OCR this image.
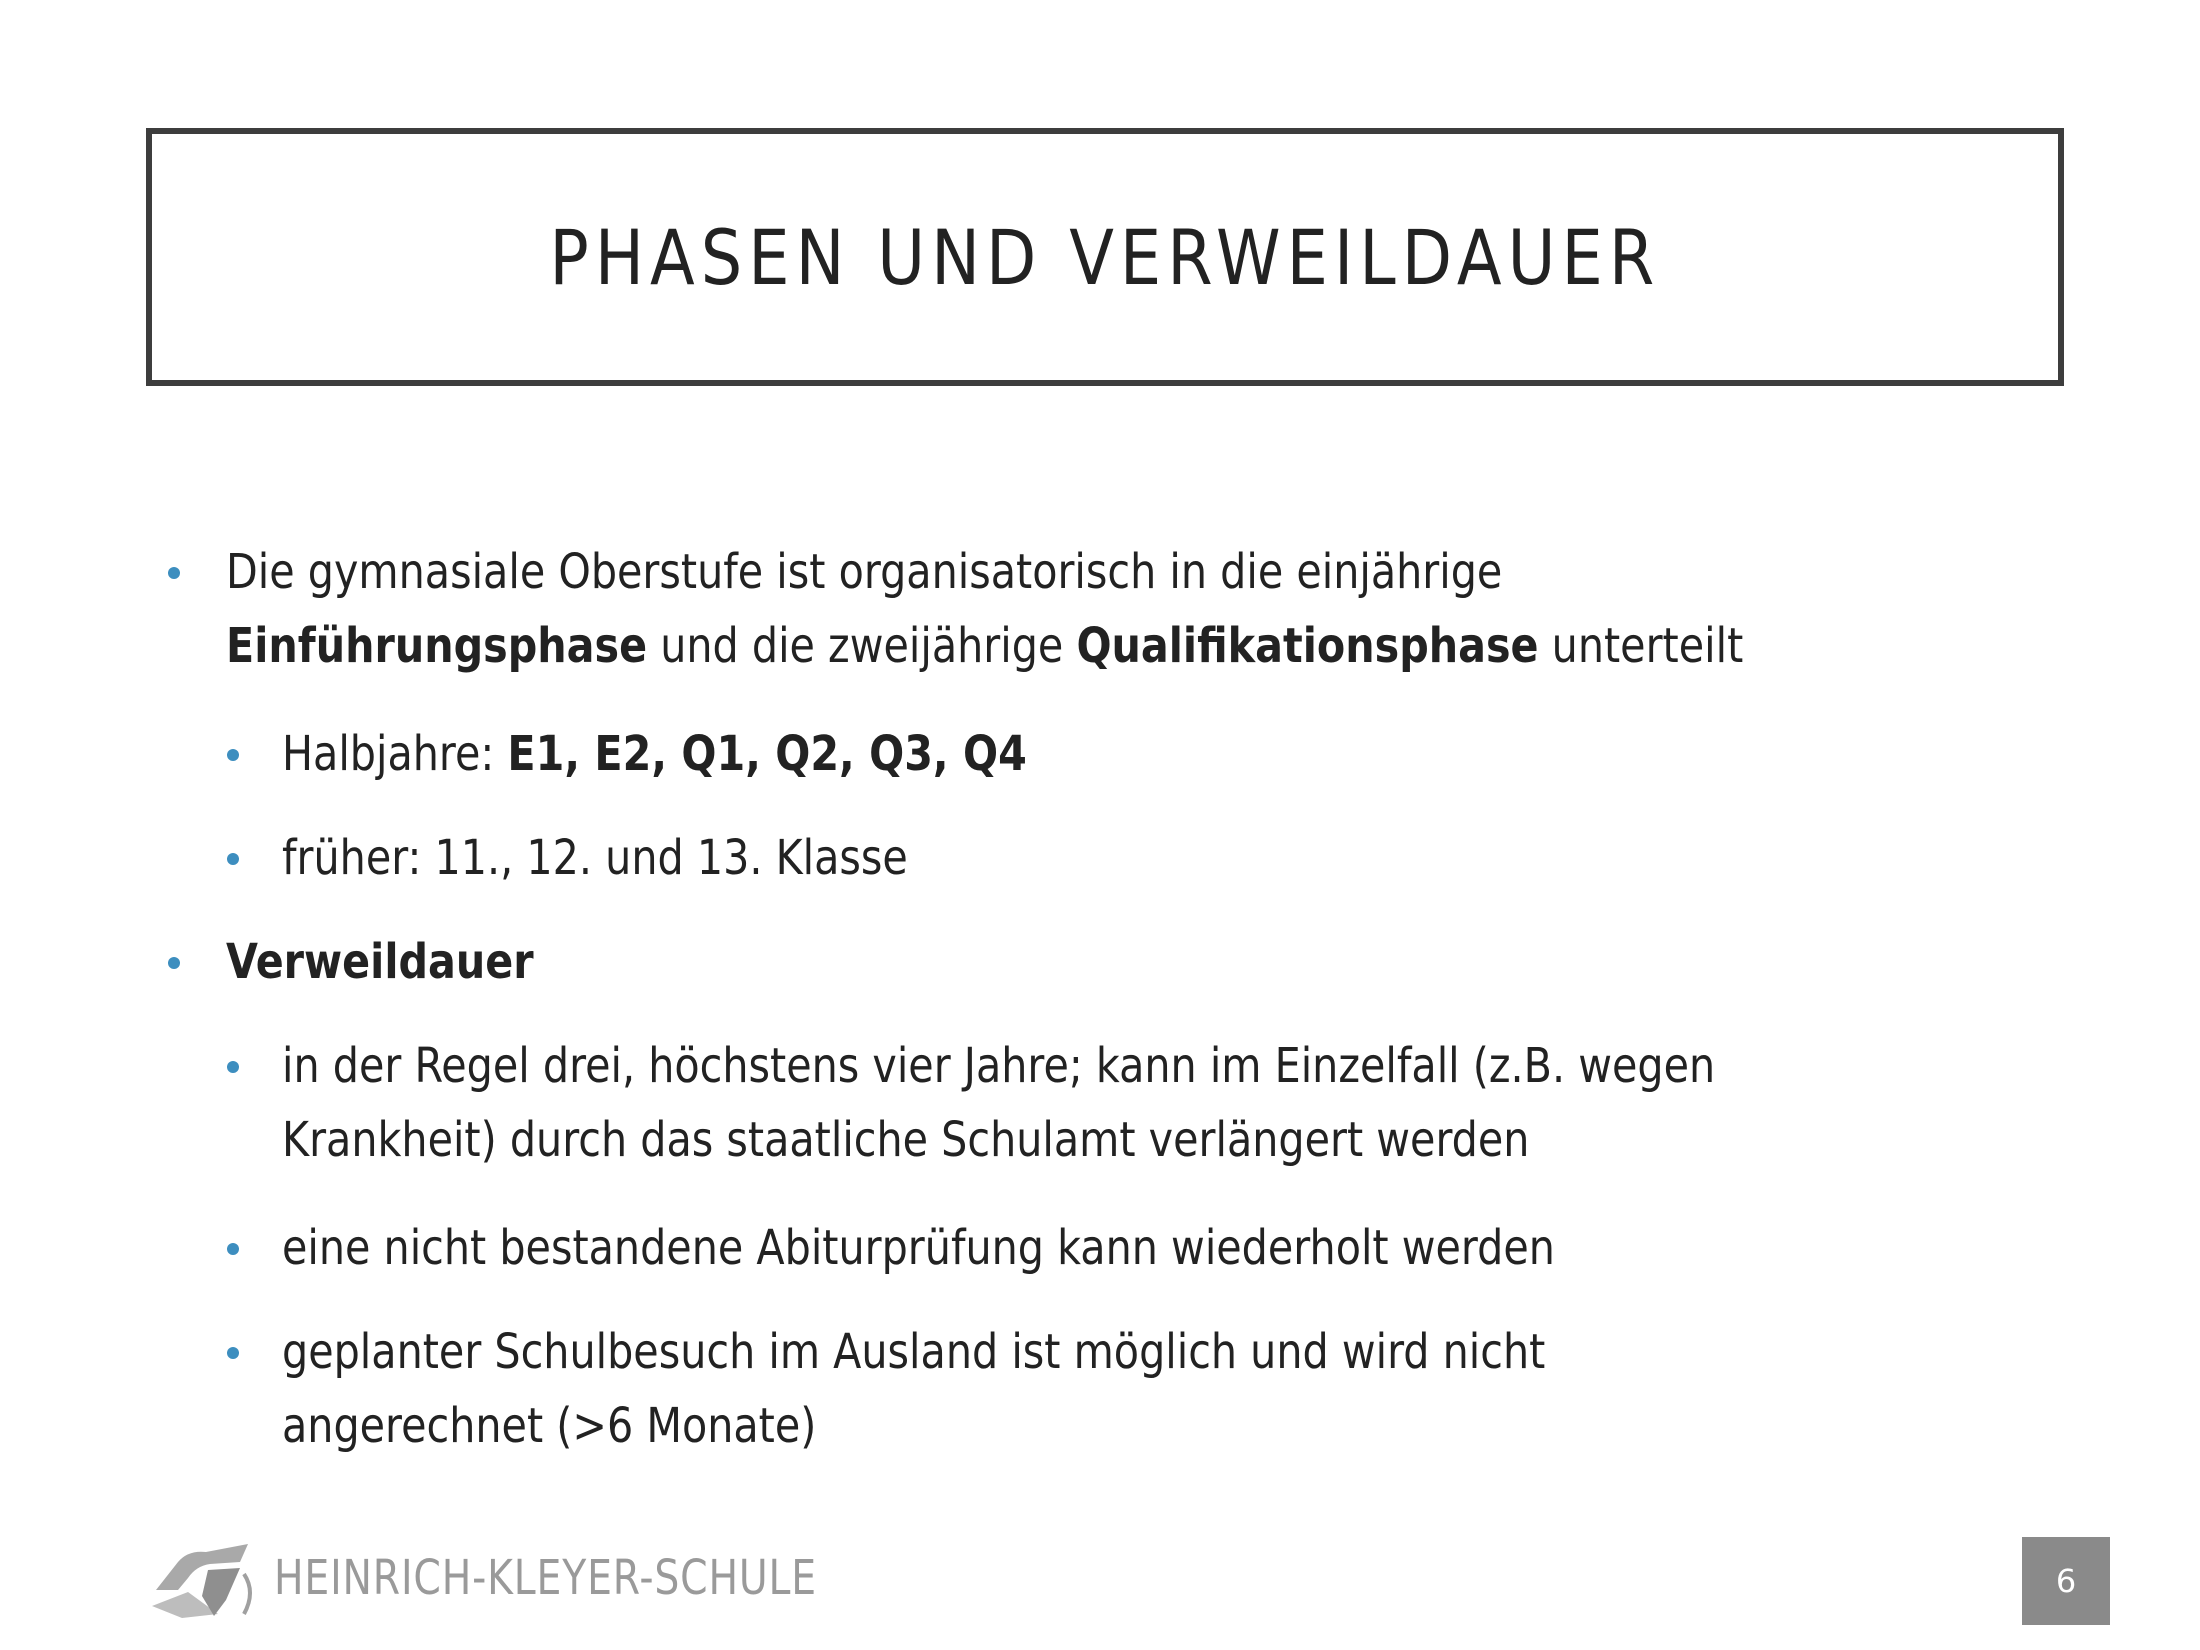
PHASEN UND VERWEILDAUER
Die gymnasiale Oberstufe ist organisatorisch in die einjährige
Einführungsphase und die zweijährige Qualifikationsphase unterteilt
Halbjahre: E1, E2, Q1, Q2, Q3, Q4
früher: 11., 12. und 13. Klasse
Verweildauer
in der Regel drei, höchstens vier Jahre; kann im Einzelfall (z.B. wegen
Krankheit) durch das staatliche Schulamt verlängert werden
eine nicht bestandene Abiturprüfung kann wiederholt werden
geplanter Schulbesuch im Ausland ist möglich und wird nicht
angerechnet (>6 Monate)
HEINRICH-KLEYER-SCHULE	6
